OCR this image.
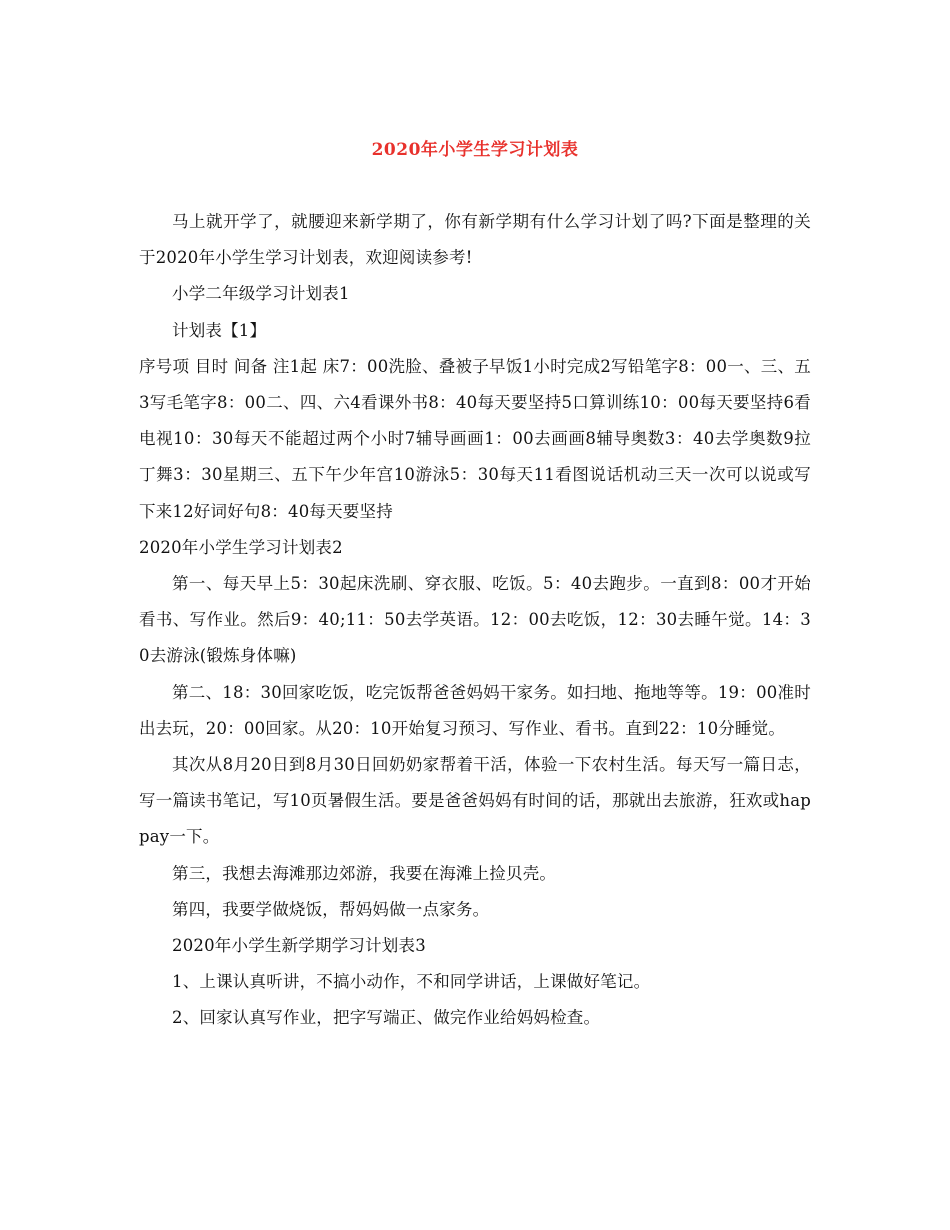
2020年小学生学习计划表

马上就开学了，就腰迎来新学期了，你有新学期有什么学习计划了吗?下面是整理的关于2020年小学生学习计划表，欢迎阅读参考!

小学二年级学习计划表1

计划表【1】

序号项 目时 间备 注1起 床7：00洗脸、叠被子早饭1小时完成2写铅笔字8：00一、三、五3写毛笔字8：00二、四、六4看课外书8：40每天要坚持5口算训练10：00每天要坚持6看电视10：30每天不能超过两个小时7辅导画画1：00去画画8辅导奥数3：40去学奥数9拉丁舞3：30星期三、五下午少年宫10游泳5：30每天11看图说话机动三天一次可以说或写下来12好词好句8：40每天要坚持

2020年小学生学习计划表2

第一、每天早上5：30起床洗刷、穿衣服、吃饭。5：40去跑步。一直到8：00才开始看书、写作业。然后9：40;11：50去学英语。12：00去吃饭，12：30去睡午觉。14：30去游泳(锻炼身体嘛)

第二、18：30回家吃饭，吃完饭帮爸爸妈妈干家务。如扫地、拖地等等。19：00准时出去玩，20：00回家。从20：10开始复习预习、写作业、看书。直到22：10分睡觉。

其次从8月20日到8月30日回奶奶家帮着干活，体验一下农村生活。每天写一篇日志，写一篇读书笔记，写10页暑假生活。要是爸爸妈妈有时间的话，那就出去旅游，狂欢或happay一下。

第三，我想去海滩那边郊游，我要在海滩上捡贝壳。

第四，我要学做烧饭，帮妈妈做一点家务。

2020年小学生新学期学习计划表3

1、上课认真听讲，不搞小动作，不和同学讲话，上课做好笔记。

2、回家认真写作业，把字写端正、做完作业给妈妈检查。
